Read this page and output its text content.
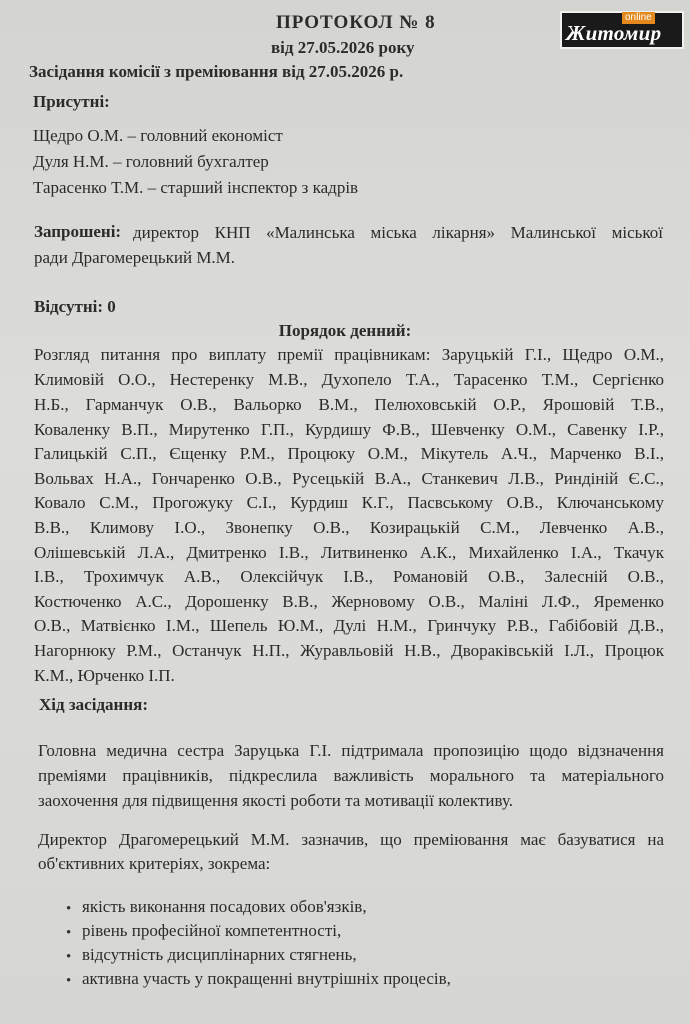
online
Житомир
ПРОТОКОЛ № 8
від 27.05.2026 року
Засідання комісії з преміювання від 27.05.2026 р.
Присутні:
Щедро О.М. – головний економіст
Дуля Н.М. – головний бухгалтер
Тарасенко Т.М. – старший інспектор з кадрів
Запрошені: директор КНП «Малинська міська лікарня» Малинської міської
ради Драгомерецький М.М.
Відсутні: 0
Порядок денний:
Розгляд питання про виплату премії працівникам: Заруцькій Г.І., Щедро О.М.,
Климовій О.О., Нестеренку М.В., Духопело Т.А., Тарасенко Т.М., Сергієнко
Н.Б., Гарманчук О.В., Вальорко В.М., Пелюховській О.Р., Ярошовій Т.В.,
Коваленку В.П., Мирутенко Г.П., Курдишу Ф.В., Шевченку О.М., Савенку І.Р.,
Галицькій С.П., Єщенку Р.М., Процюку О.М., Мікутель А.Ч., Марченко В.І.,
Вольвах Н.А., Гончаренко О.В., Русецькій В.А., Станкевич Л.В., Риндіній Є.С.,
Ковало С.М., Прогожуку С.І., Курдиш К.Г., Пасвському О.В., Ключанському
В.В., Климову І.О., Звонепку О.В., Козирацькій С.М., Левченко А.В.,
Олішевській Л.А., Дмитренко І.В., Литвиненко А.К., Михайленко І.А., Ткачук
І.В., Трохимчук А.В., Олексійчук І.В., Романовій О.В., Залесній О.В.,
Костюченко А.С., Дорошенку В.В., Жерновому О.В., Маліні Л.Ф., Яременко
О.В., Матвієнко І.М., Шепель Ю.М., Дулі Н.М., Гринчуку Р.В., Габібовій Д.В.,
Нагорнюку Р.М., Останчук Н.П., Журавльовій Н.В., Дворакiвській І.Л., Процюк
К.М., Юрченко І.П.
Хід засідання:
Головна медична сестра Заруцька Г.І. підтримала пропозицію щодо відзначення
преміями працівників, підкреслила важливість морального та матеріального
заохочення для підвищення якості роботи та мотивації колективу.
Директор Драгомерецький М.М. зазначив, що преміювання має базуватися на
об'єктивних критеріях, зокрема:
• якість виконання посадових обов'язків,
• рівень професійної компетентності,
• відсутність дисциплінарних стягнень,
• активна участь у покращенні внутрішніх процесів,
